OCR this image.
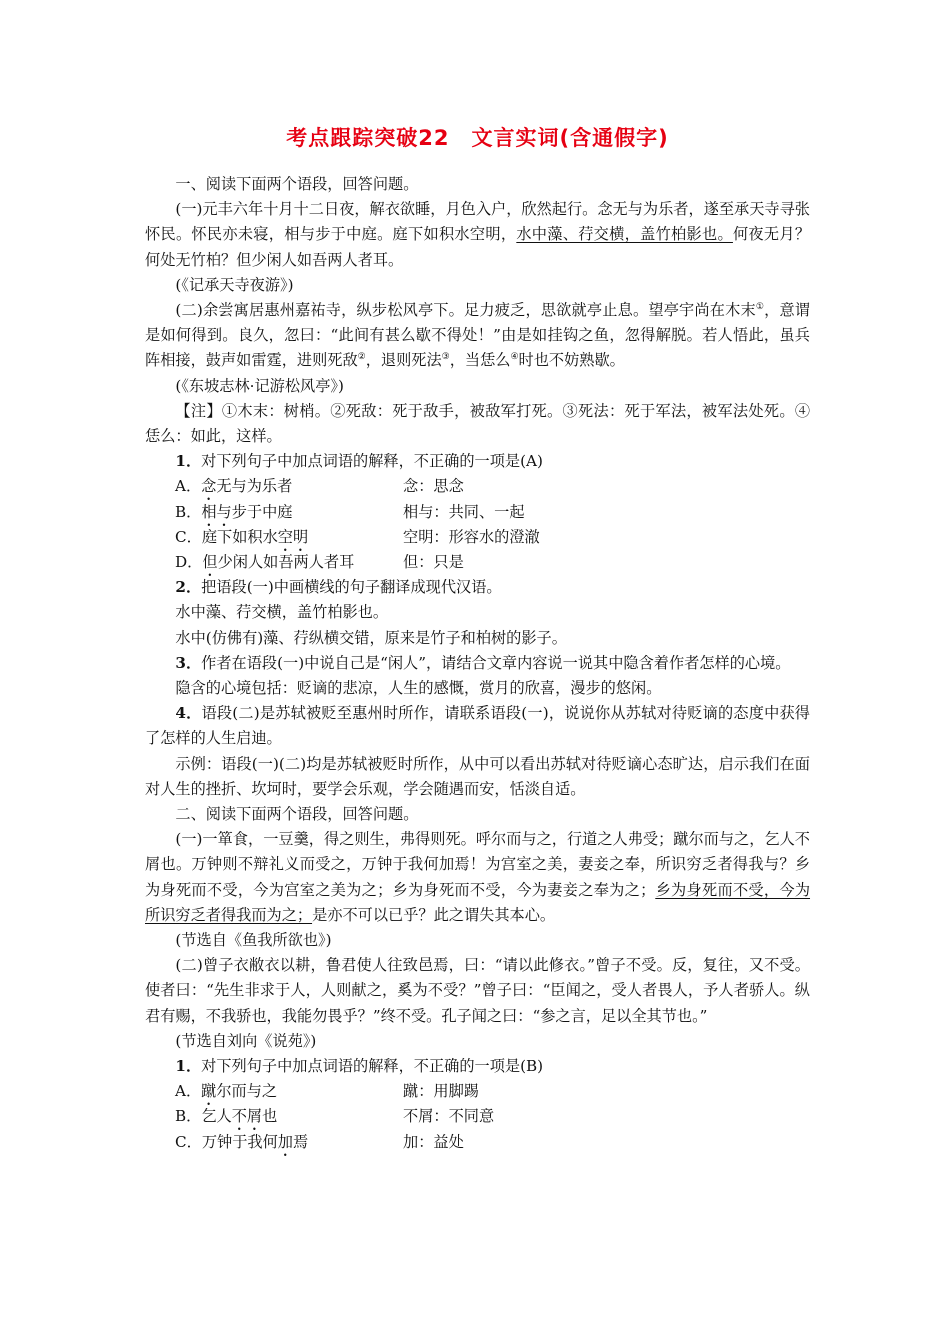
考点跟踪突破22　文言实词(含通假字)

一、阅读下面两个语段，回答问题。

(一)元丰六年十月十二日夜，解衣欲睡，月色入户，欣然起行。念无与为乐者，遂至承天寺寻张怀民。怀民亦未寝，相与步于中庭。庭下如积水空明，水中藻、荇交横，盖竹柏影也。何夜无月？何处无竹柏？但少闲人如吾两人者耳。

(《记承天寺夜游》)

(二)余尝寓居惠州嘉祐寺，纵步松风亭下。足力疲乏，思欲就亭止息。望亭宇尚在木末①，意谓是如何得到。良久，忽曰：“此间有甚么歇不得处！”由是如挂钩之鱼，忽得解脱。若人悟此，虽兵阵相接，鼓声如雷霆，进则死敌②，退则死法③，当恁么④时也不妨熟歇。

(《东坡志林·记游松风亭》)

【注】①木末：树梢。②死敌：死于敌手，被敌军打死。③死法：死于军法，被军法处死。④恁么：如此，这样。

1．对下列句子中加点词语的解释，不正确的一项是(A)

A．念无与为乐者	念：思念
B．相与步于中庭	相与：共同、一起
C．庭下如积水空明	空明：形容水的澄澈
D．但少闲人如吾两人者耳	但：只是

2．把语段(一)中画横线的句子翻译成现代汉语。

水中藻、荇交横，盖竹柏影也。

水中(仿佛有)藻、荇纵横交错，原来是竹子和柏树的影子。

3．作者在语段(一)中说自己是“闲人”，请结合文章内容说一说其中隐含着作者怎样的心境。

隐含的心境包括：贬谪的悲凉，人生的感慨，赏月的欣喜，漫步的悠闲。

4．语段(二)是苏轼被贬至惠州时所作，请联系语段(一)，说说你从苏轼对待贬谪的态度中获得了怎样的人生启迪。

示例：语段(一)(二)均是苏轼被贬时所作，从中可以看出苏轼对待贬谪心态旷达，启示我们在面对人生的挫折、坎坷时，要学会乐观，学会随遇而安，恬淡自适。

二、阅读下面两个语段，回答问题。

(一)一箪食，一豆羹，得之则生，弗得则死。呼尔而与之，行道之人弗受；蹴尔而与之，乞人不屑也。万钟则不辩礼义而受之，万钟于我何加焉！为宫室之美，妻妾之奉，所识穷乏者得我与？乡为身死而不受，今为宫室之美为之；乡为身死而不受，今为妻妾之奉为之；乡为身死而不受，今为所识穷乏者得我而为之；是亦不可以已乎？此之谓失其本心。

(节选自《鱼我所欲也》)

(二)曾子衣敝衣以耕，鲁君使人往致邑焉，曰：“请以此修衣。”曾子不受。反，复往，又不受。使者曰：“先生非求于人，人则献之，奚为不受？”曾子曰：“臣闻之，受人者畏人，予人者骄人。纵君有赐，不我骄也，我能勿畏乎？”终不受。孔子闻之曰：“参之言，足以全其节也。”

(节选自刘向《说苑》)

1．对下列句子中加点词语的解释，不正确的一项是(B)

A．蹴尔而与之	蹴：用脚踢
B．乞人不屑也	不屑：不同意
C．万钟于我何加焉	加：益处
